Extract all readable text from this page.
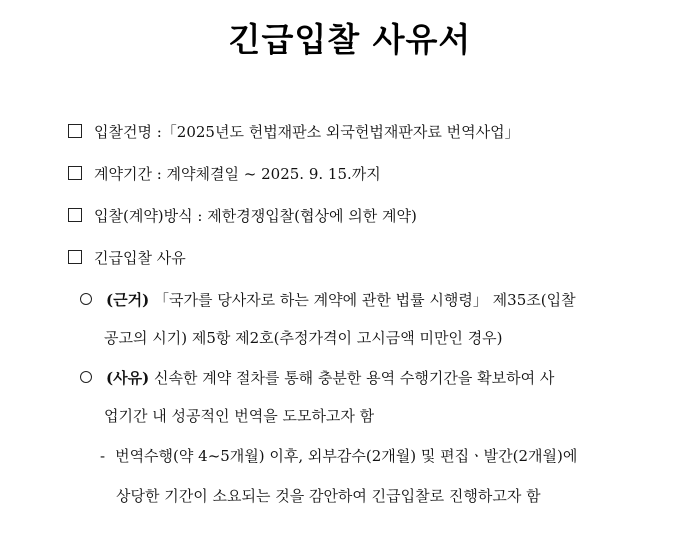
긴급입찰 사유서
입찰건명 :「2025년도 헌법재판소 외국헌법재판자료 번역사업」
계약기간 : 계약체결일 ~ 2025. 9. 15.까지
입찰(계약)방식 : 제한경쟁입찰(협상에 의한 계약)
긴급입찰 사유
(근거) 「국가를 당사자로 하는 계약에 관한 법률 시행령」 제35조(입찰
공고의 시기) 제5항 제2호(추정가격이 고시금액 미만인 경우)
(사유) 신속한 계약 절차를 통해 충분한 용역 수행기간을 확보하여 사
업기간 내 성공적인 번역을 도모하고자 함
- 번역수행(약 4~5개월) 이후, 외부감수(2개월) 및 편집ㆍ발간(2개월)에
상당한 기간이 소요되는 것을 감안하여 긴급입찰로 진행하고자 함
